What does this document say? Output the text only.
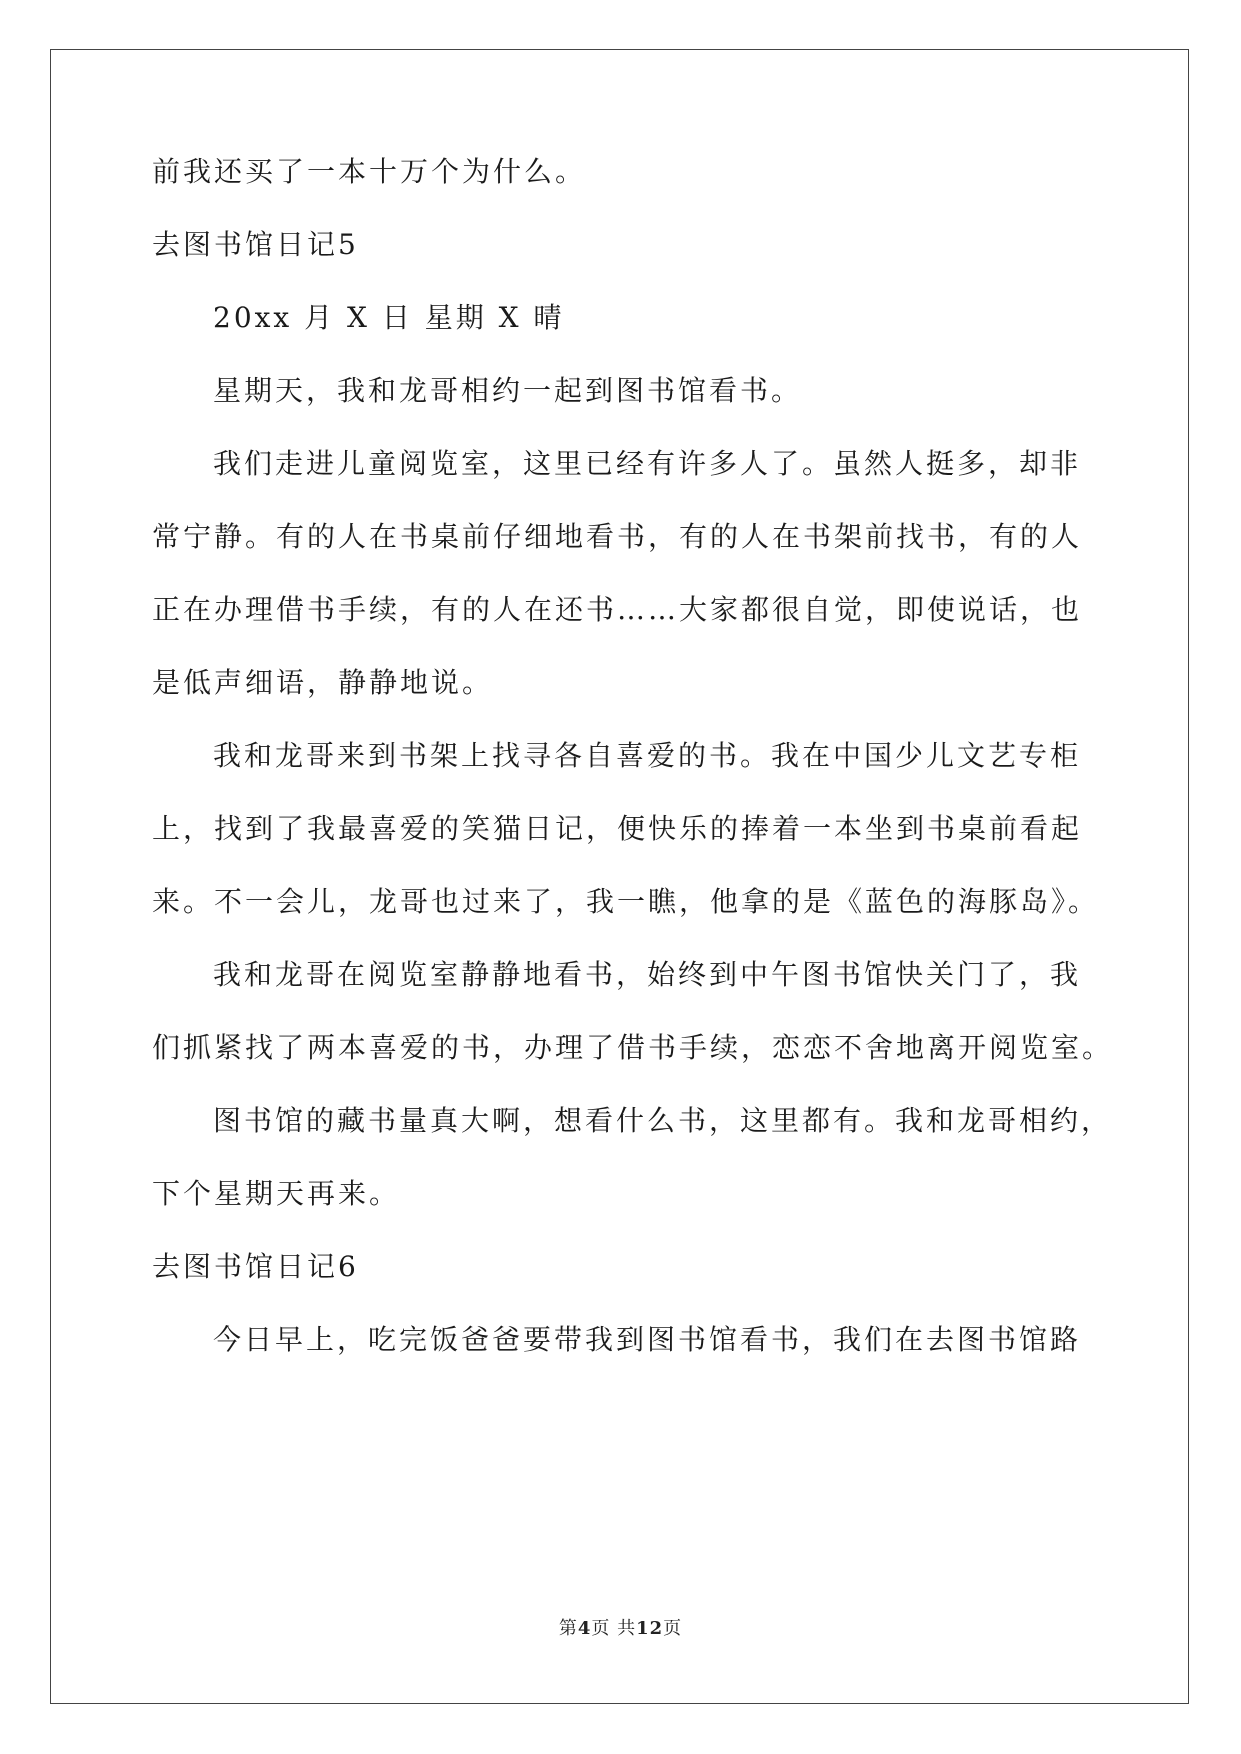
前我还买了一本十万个为什么。
去图书馆日记5
20xx 月 X 日 星期 X 晴
星期天，我和龙哥相约一起到图书馆看书。
我们走进儿童阅览室，这里已经有许多人了。虽然人挺多，却非
常宁静。有的人在书桌前仔细地看书，有的人在书架前找书，有的人
正在办理借书手续，有的人在还书……大家都很自觉，即使说话，也
是低声细语，静静地说。
我和龙哥来到书架上找寻各自喜爱的书。我在中国少儿文艺专柜
上，找到了我最喜爱的笑猫日记，便快乐的捧着一本坐到书桌前看起
来。不一会儿，龙哥也过来了，我一瞧，他拿的是《蓝色的海豚岛》。
我和龙哥在阅览室静静地看书，始终到中午图书馆快关门了，我
们抓紧找了两本喜爱的书，办理了借书手续，恋恋不舍地离开阅览室。
图书馆的藏书量真大啊，想看什么书，这里都有。我和龙哥相约，
下个星期天再来。
去图书馆日记6
今日早上，吃完饭爸爸要带我到图书馆看书，我们在去图书馆路
第4页 共12页
